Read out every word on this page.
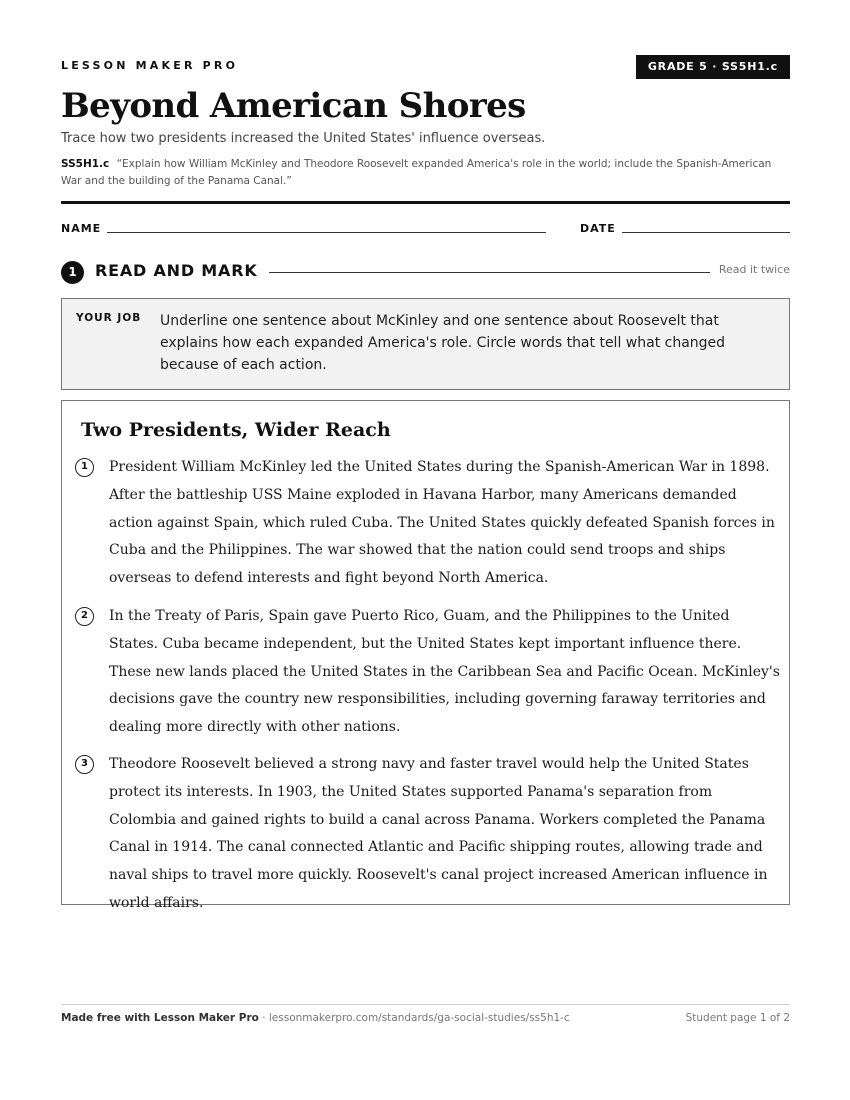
LESSON MAKER PRO	GRADE 5 · SS5H1.c
Beyond American Shores

Trace how two presidents increased the United States' influence overseas.

SS5H1.c “Explain how William McKinley and Theodore Roosevelt expanded America's role in the world; include the Spanish-American War and the building of the Panama Canal.”

NAME	DATE
1	READ AND MARK	Read it twice
YOUR JOB Underline one sentence about McKinley and one sentence about Roosevelt that explains how each expanded America's role. Circle words that tell what changed because of each action.
Two Presidents, Wider Reach
1	President William McKinley led the United States during the Spanish-American War in 1898. After the battleship USS Maine exploded in Havana Harbor, many Americans demanded action against Spain, which ruled Cuba. The United States quickly defeated Spanish forces in Cuba and the Philippines. The war showed that the nation could send troops and ships overseas to defend interests and fight beyond North America.

2	In the Treaty of Paris, Spain gave Puerto Rico, Guam, and the Philippines to the United States. Cuba became independent, but the United States kept important influence there. These new lands placed the United States in the Caribbean Sea and Pacific Ocean. McKinley's decisions gave the country new responsibilities, including governing faraway territories and dealing more directly with other nations.

3	Theodore Roosevelt believed a strong navy and faster travel would help the United States protect its interests. In 1903, the United States supported Panama's separation from Colombia and gained rights to build a canal across Panama. Workers completed the Panama Canal in 1914. The canal connected Atlantic and Pacific shipping routes, allowing trade and naval ships to travel more quickly. Roosevelt's canal project increased American influence in world affairs.

Made free with Lesson Maker Pro · lessonmakerpro.com/standards/ga-social-studies/ss5h1-c	Student page 1 of 2
